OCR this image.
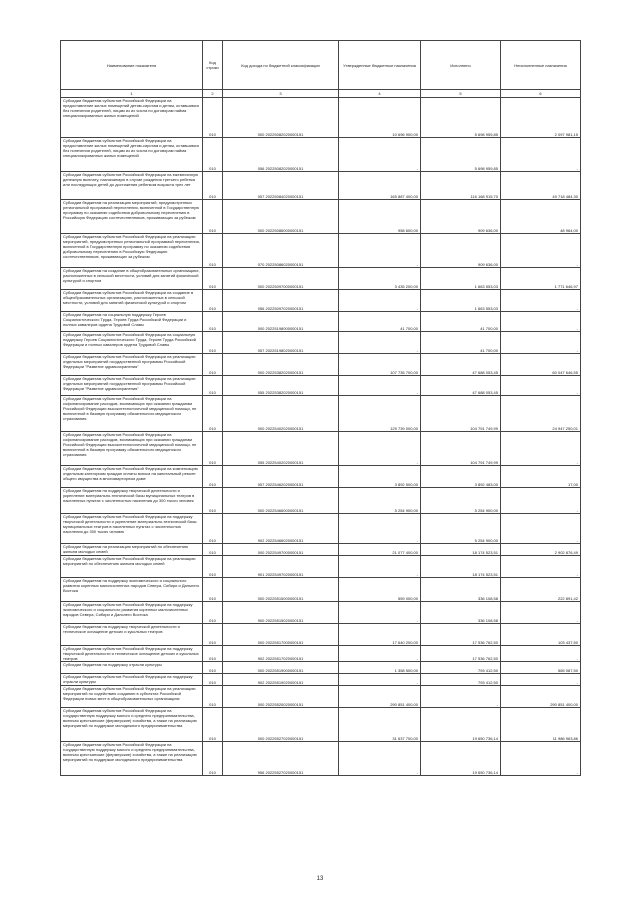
Наименование показателя	Код строки	Код дохода по бюджетной классификации	Утвержденные бюджетные назначения	Исполнено	Неисполненные назначения
1	2	3	4	5	6
Субсидии бюджетам субъектов Российской Федерации на предоставление жилых помещений детям-сиротам и детям, оставшимся без попечения родителей, лицам из их числа по договорам найма специализированных жилых помещений	010	000 20225082020000151	10 696 900,00	5 698 959,85	2 097 981,15
Субсидии бюджетам субъектов Российской Федерации на предоставление жилых помещений детям-сиротам и детям, оставшимся без попечения родителей, лицам из их числа по договорам найма специализированных жилых помещений	010	056 20225082020000151	-	5 698 959,85	-
Субсидии бюджетам субъектов Российской Федерации на ежемесячную денежную выплату, назначаемую в случае рождения третьего ребенка или последующих детей до достижения ребенком возраста трех лет	010	057 20225084020000151	165 887 400,00	116 168 915,70	49 718 484,30
Субсидии бюджетам на реализацию мероприятий, предусмотренных региональной программой переселения, включенной в Государственную программу по оказанию содействия добровольному переселению в Российскую Федерацию соотечественников, проживающих за рубежом	010	000 20225086000000151	958 600,00	909 636,00	48 964,00
Субсидии бюджетам субъектов Российской Федерации на реализацию мероприятий, предусмотренных региональной программой переселения, включенной в Государственную программу по оказанию содействия добровольному переселению в Российскую Федерацию соотечественников, проживающих за рубежом	010	070 20225086020000151	-	909 636,00	-
Субсидии бюджетам на создание в общеобразовательных организациях, расположенных в сельской местности, условий для занятий физической культурой и спортом	010	000 20225097000000151	3 435 200,00	1 663 553,03	1 771 646,97
Субсидии бюджетам субъектов Российской Федерации на создание в общеобразовательных организациях, расположенных в сельской местности, условий для занятий физической культурой и спортом	010	056 20225097020000151	-	1 663 553,03	-
Субсидии бюджетам на социальную поддержку Героев Социалистического Труда, Героев Труда Российской Федерации и полных кавалеров ордена Трудовой Славы	010	000 20225198000000151	41 700,00	41 700,00	-
Субсидии бюджетам субъектов Российской Федерации на социальную поддержку Героев Социалистического Труда, Героев Труда Российской Федерации и полных кавалеров ордена Трудовой Славы	010	057 20225198020000151	-	41 700,00	-
Субсидии бюджетам субъектов Российской Федерации на реализацию отдельных мероприятий государственной программы Российской Федерации "Развитие здравоохранения"	010	000 20225382020000151	107 735 700,00	47 688 053,45	60 047 646,55
Субсидии бюджетам субъектов Российской Федерации на реализацию отдельных мероприятий государственной программы Российской Федерации "Развитие здравоохранения"	010	055 20225382020000151	-	47 688 053,45	-
Субсидии бюджетам субъектов Российской Федерации на софинансирование расходов, возникающих при оказании гражданам Российской Федерации высокотехнологичной медицинской помощи, не включенной в базовую программу обязательного медицинского страхования	010	000 20225402020000151	129 739 000,00	104 791 749,99	24 947 250,01
Субсидии бюджетам субъектов Российской Федерации на софинансирование расходов, возникающих при оказании гражданам Российской Федерации высокотехнологичной медицинской помощи, не включенной в базовую программу обязательного медицинского страхования	010	055 20225402020000151	-	104 791 749,99	-
Субсидии бюджетам субъектов Российской Федерации на компенсацию отдельным категориям граждан оплаты взноса на капитальный ремонт общего имущества в многоквартирном доме	010	057 20225462020000151	3 892 500,00	3 892 483,00	17,00
Субсидии бюджетам на поддержку творческой деятельности и укрепление материально-технической базы муниципальных театров в населенных пунктах с численностью населения до 300 тысяч человек	010	000 20225466000000151	5 254 900,00	5 254 900,00	-
Субсидии бюджетам субъектов Российской Федерации на поддержку творческой деятельности и укрепление материально-технической базы муниципальных театров в населенных пунктах с численностью населения до 300 тысяч человек	010	902 20225466020000151	-	5 254 900,00	-
Субсидии бюджетам на реализацию мероприятий по обеспечению жильем молодых семей	010	000 20225497000000151	21 077 400,00	18 174 523,51	2 902 876,49
Субсидии бюджетам субъектов Российской Федерации на реализацию мероприятий по обеспечению жильем молодых семей	010	901 20225497020000151	-	18 174 523,51	-
Субсидии бюджетам на поддержку экономического и социального развития коренных малочисленных народов Севера, Сибири и Дальнего Востока	010	000 20225515000000151	559 000,00	336 108,58	222 891,42
Субсидии бюджетам субъектов Российской Федерации на поддержку экономического и социального развития коренных малочисленных народов Севера, Сибири и Дальнего Востока	010	900 20225515020000151	-	336 108,58	-
Субсидии бюджетам на поддержку творческой деятельности и техническое оснащение детских и кукольных театров	010	000 20225517000000151	17 640 200,00	17 536 762,50	103 437,50
Субсидии бюджетам субъектов Российской Федерации на поддержку творческой деятельности и техническое оснащение детских и кукольных театров	010	902 20225517020000151	-	17 536 762,50	-
Субсидии бюджетам на поддержку отрасли культуры	010	000 20225519000000151	1 358 500,00	793 412,50	565 087,50
Субсидии бюджетам субъектов Российской Федерации на поддержку отрасли культуры	010	902 20225519020000151	-	793 412,50	-
Субсидии бюджетам субъектов Российской Федерации на реализацию мероприятий по содействию созданию в субъектах Российской Федерации новых мест в общеобразовательных организациях	010	000 20225520020000151	290 851 400,00	-	290 851 400,00
Субсидии бюджетам субъектов Российской Федерации на государственную поддержку малого и среднего предпринимательства, включая крестьянские (фермерские) хозяйства, а также на реализацию мероприятий по поддержке молодежного предпринимательства	010	000 20225527020000151	31 637 700,00	19 650 736,14	11 986 963,86
Субсидии бюджетам субъектов Российской Федерации на государственную поддержку малого и среднего предпринимательства, включая крестьянские (фермерские) хозяйства, а также на реализацию мероприятий по поддержке молодежного предпринимательства	010	956 20225527020000151	-	19 650 736,14	-
13
